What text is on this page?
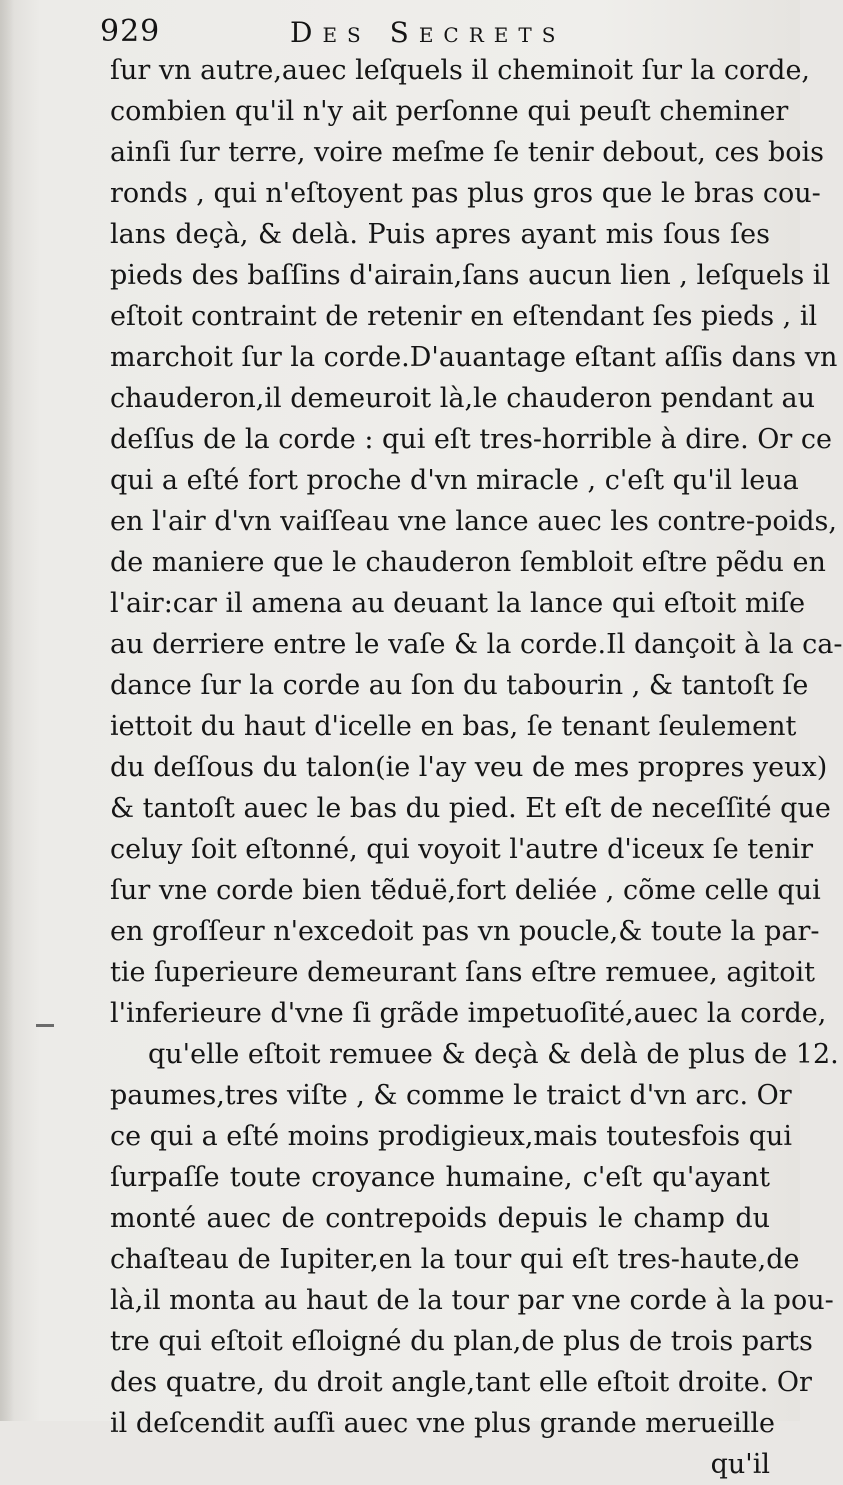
929	Des Secrets
ſur vn autre,auec leſquels il cheminoit ſur la corde,
combien qu'il n'y ait perſonne qui peuſt cheminer
ainſi ſur terre, voire meſme ſe tenir debout, ces bois
ronds , qui n'eſtoyent pas plus gros que le bras cou-
lans deçà, & delà. Puis apres ayant mis ſous ſes
pieds des baſſins d'airain,ſans aucun lien , leſquels il
eſtoit contraint de retenir en eſtendant ſes pieds , il
marchoit ſur la corde.D'auantage eſtant aſſis dans vn
chauderon,il demeuroit là,le chauderon pendant au
deſſus de la corde : qui eſt tres-horrible à dire. Or ce
qui a eſté fort proche d'vn miracle , c'eſt qu'il leua
en l'air d'vn vaiſſeau vne lance auec les contre-poids,
de maniere que le chauderon ſembloit eſtre pẽdu en
l'air:car il amena au deuant la lance qui eſtoit miſe
au derriere entre le vaſe & la corde.Il dançoit à la ca-
dance ſur la corde au ſon du tabourin , & tantoſt ſe
iettoit du haut d'icelle en bas, ſe tenant ſeulement
du deſſous du talon(ie l'ay veu de mes propres yeux)
& tantoſt auec le bas du pied. Et eſt de neceſſité que
celuy ſoit eſtonné, qui voyoit l'autre d'iceux ſe tenir
ſur vne corde bien tẽduë,fort deliée , cõme celle qui
en groſſeur n'excedoit pas vn poucle,& toute la par-
tie ſuperieure demeurant ſans eſtre remuee, agitoit
l'inferieure d'vne ſi grãde impetuoſité,auec la corde,
qu'elle eſtoit remuee & deçà & delà de plus de 12.
paumes,tres viſte , & comme le traict d'vn arc. Or
ce qui a eſté moins prodigieux,mais toutesfois qui
ſurpaſſe toute croyance humaine, c'eſt qu'ayant
monté auec de contrepoids depuis le champ du
chaſteau de Iupiter,en la tour qui eſt tres-haute,de
là,il monta au haut de la tour par vne corde à la pou-
tre qui eſtoit eſloigné du plan,de plus de trois parts
des quatre, du droit angle,tant elle eſtoit droite. Or
il deſcendit auſſi auec vne plus grande merueille
qu'il
